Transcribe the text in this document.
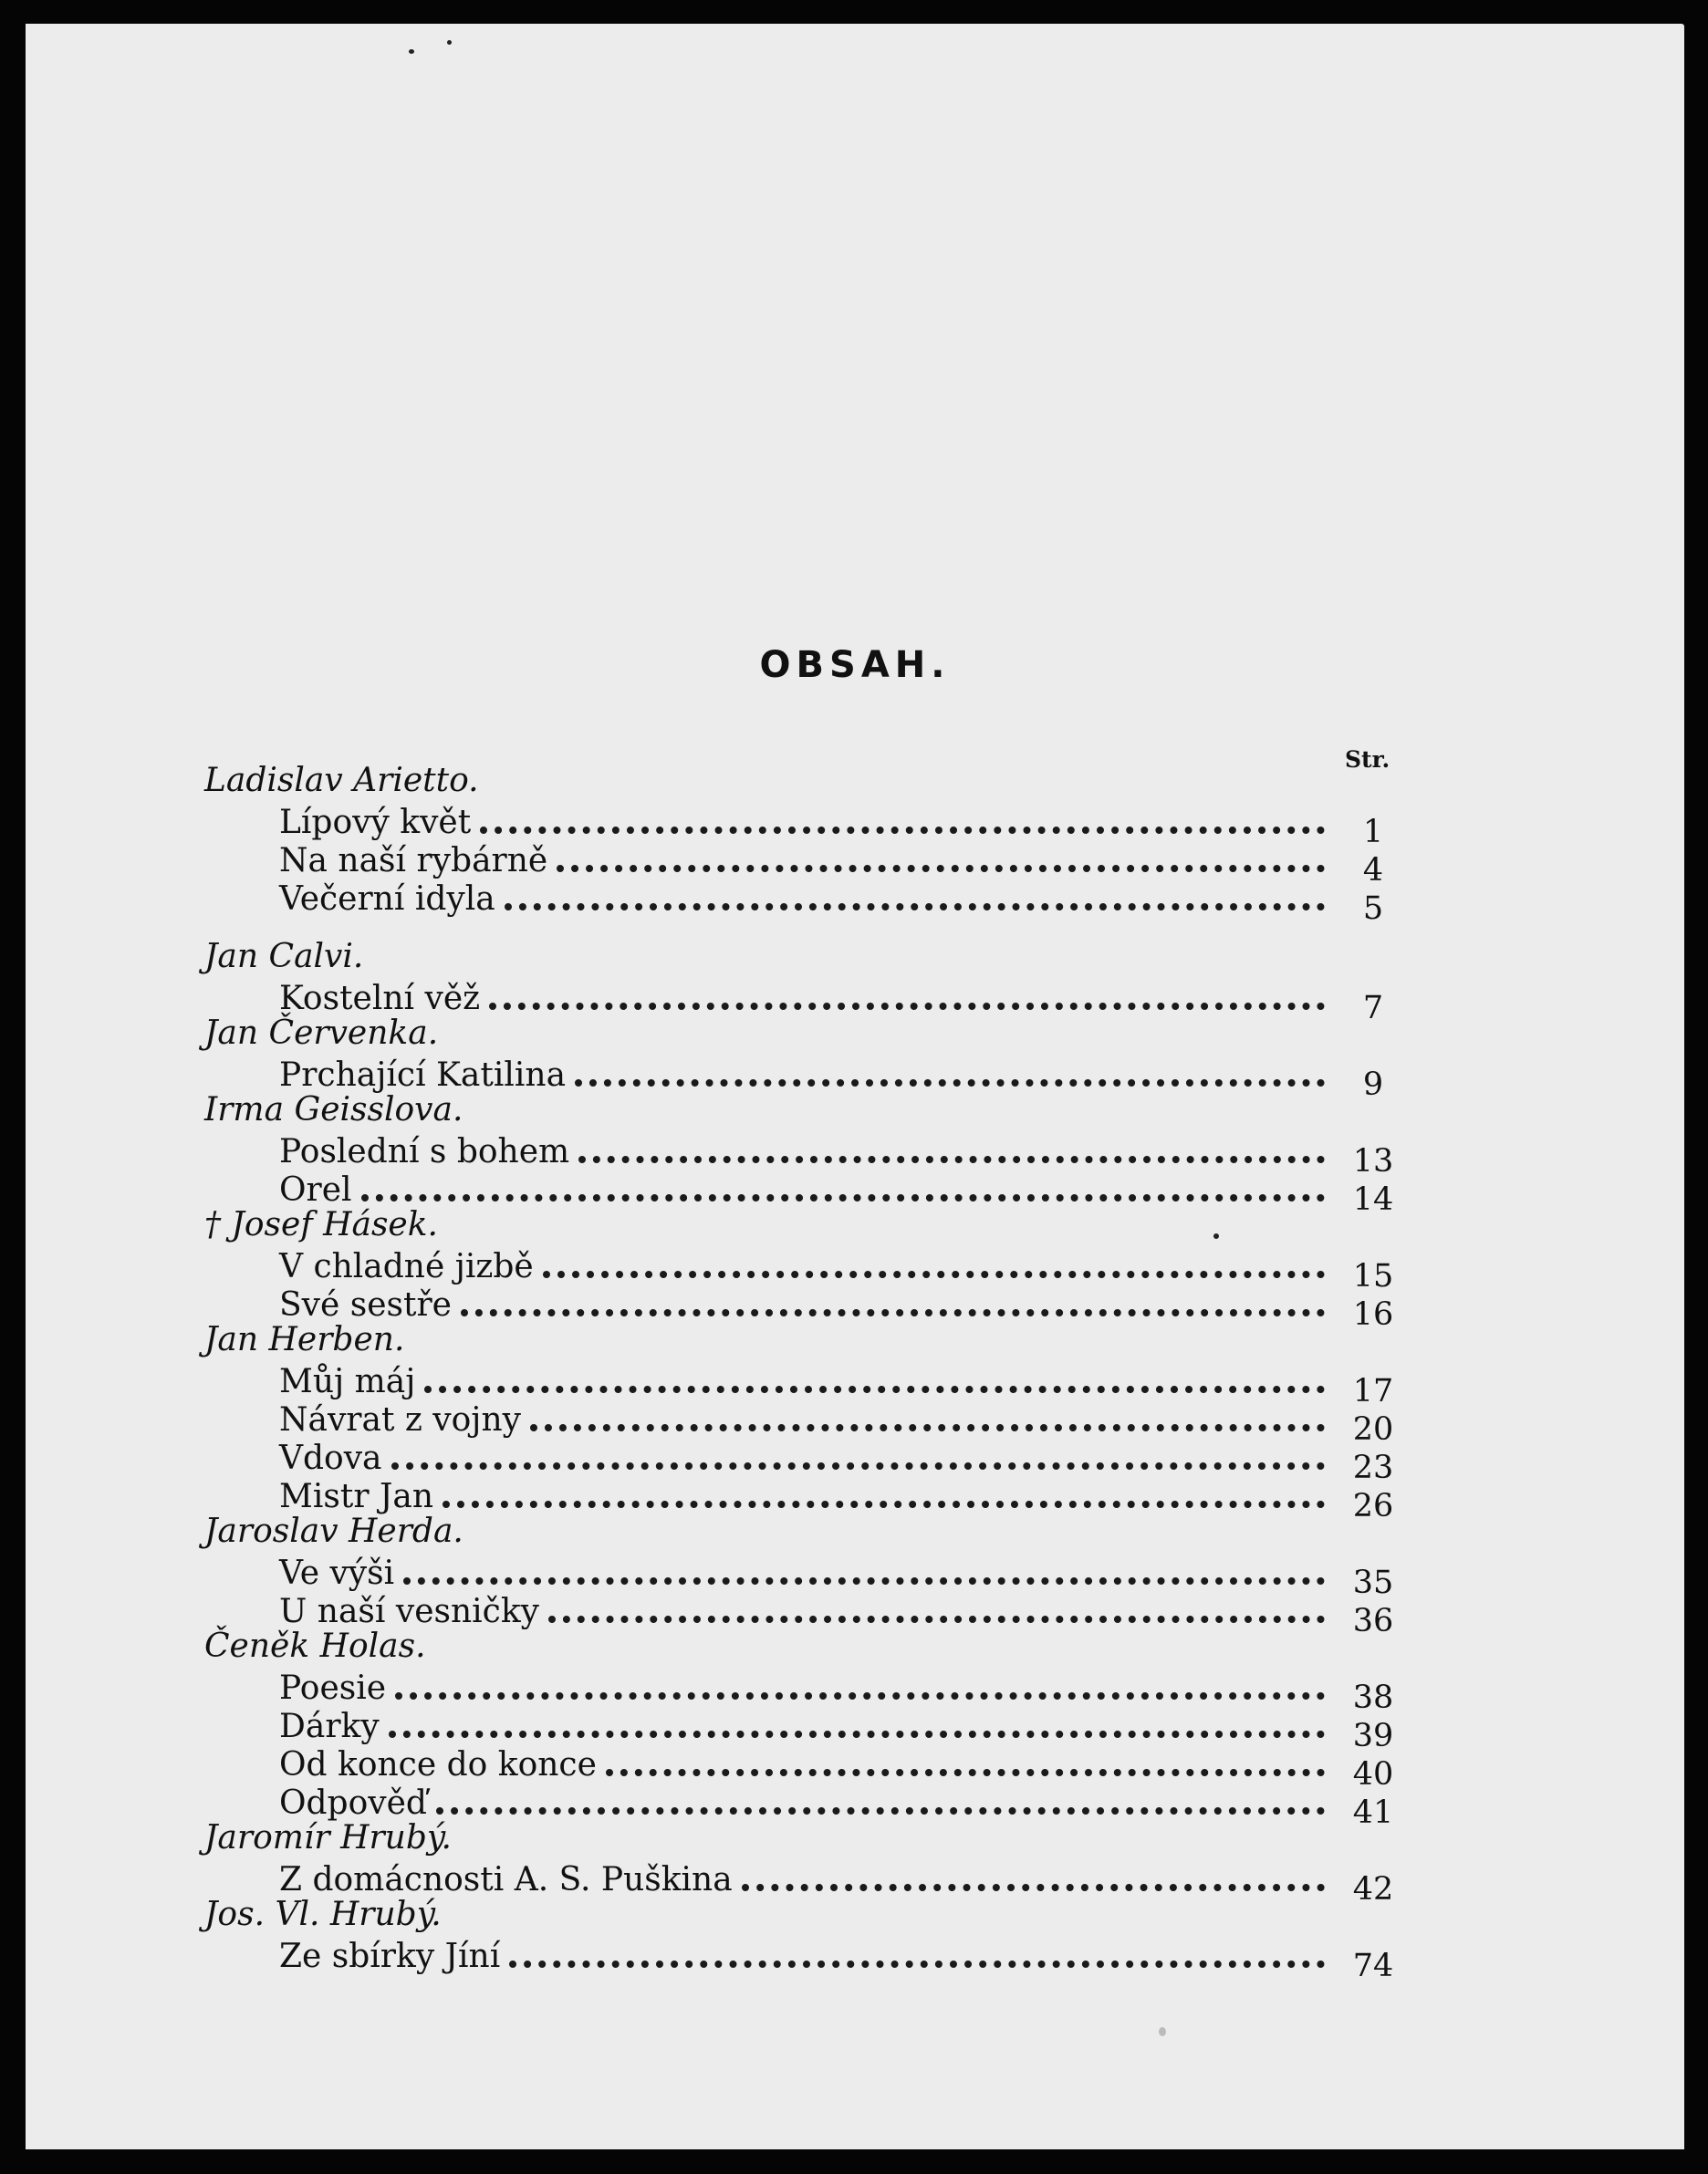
OBSAH.
Str.
Ladislav Arietto.
Lípový květ	1
Na naší rybárně	4
Večerní idyla	5
Jan Calvi.
Kostelní věž	7
Jan Červenka.
Prchající Katilina	9
Irma Geisslova.
Poslední s bohem	13
Orel	14
† Josef Hásek.
V chladné jizbě	15
Své sestře	16
Jan Herben.
Můj máj	17
Návrat z vojny	20
Vdova	23
Mistr Jan	26
Jaroslav Herda.
Ve výši	35
U naší vesničky	36
Čeněk Holas.
Poesie	38
Dárky	39
Od konce do konce	40
Odpověď	41
Jaromír Hrubý.
Z domácnosti A. S. Puškina	42
Jos. Vl. Hrubý.
Ze sbírky Jíní	74
